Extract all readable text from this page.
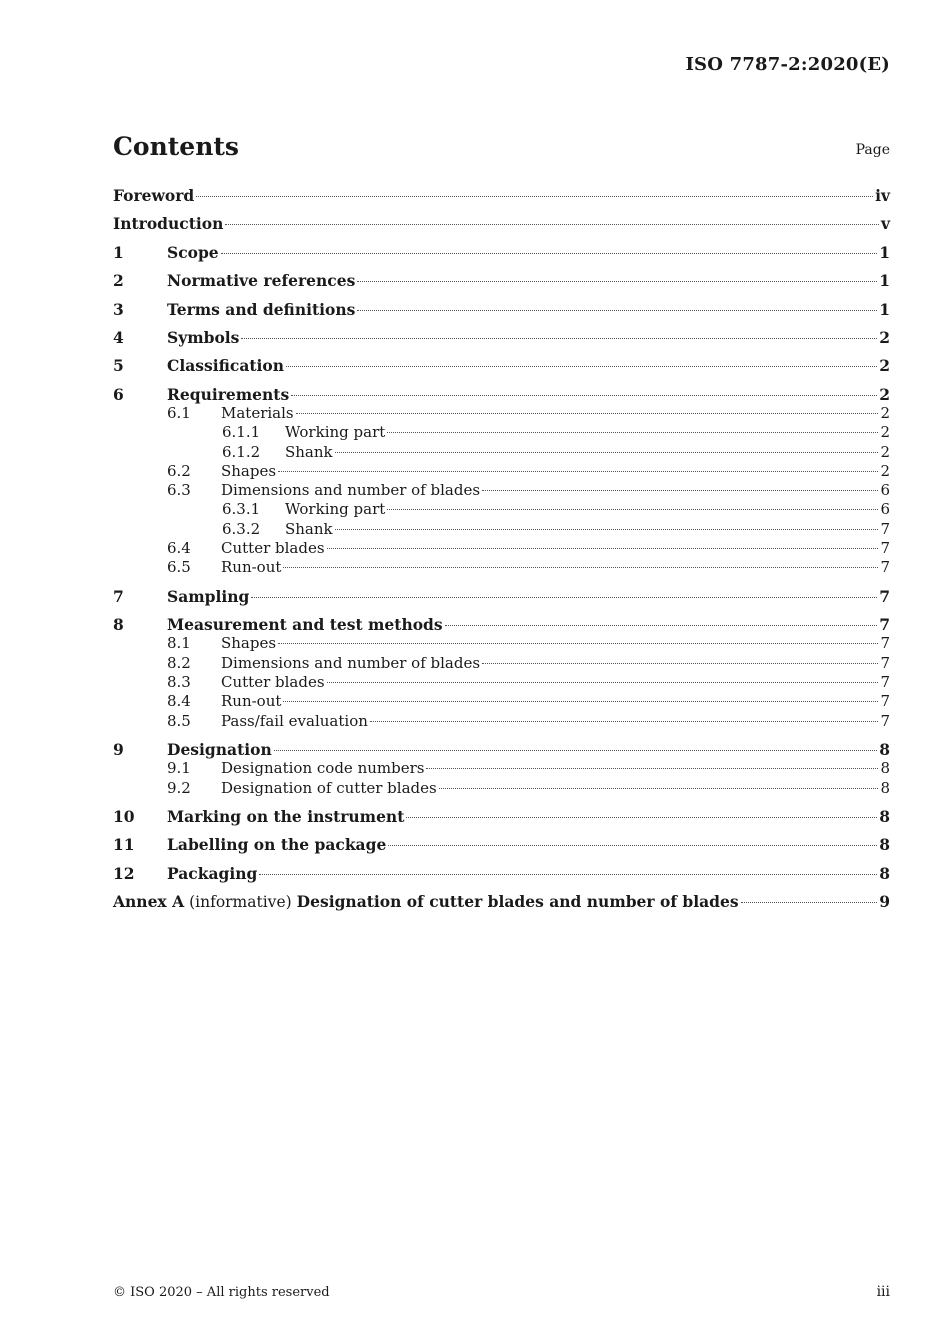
ISO 7787-2:2020(E)
Contents	Page
Foreword	iv
Introduction	v
1	Scope	1
2	Normative references	1
3	Terms and definitions	1
4	Symbols	2
5	Classification	2
6	Requirements	2
6.1	Materials	2
6.1.1	Working part	2
6.1.2	Shank	2
6.2	Shapes	2
6.3	Dimensions and number of blades	6
6.3.1	Working part	6
6.3.2	Shank	7
6.4	Cutter blades	7
6.5	Run-out	7
7	Sampling	7
8	Measurement and test methods	7
8.1	Shapes	7
8.2	Dimensions and number of blades	7
8.3	Cutter blades	7
8.4	Run-out	7
8.5	Pass/fail evaluation	7
9	Designation	8
9.1	Designation code numbers	8
9.2	Designation of cutter blades	8
10	Marking on the instrument	8
11	Labelling on the package	8
12	Packaging	8
Annex A (informative) Designation of cutter blades and number of blades	9
© ISO 2020 – All rights reserved	iii
